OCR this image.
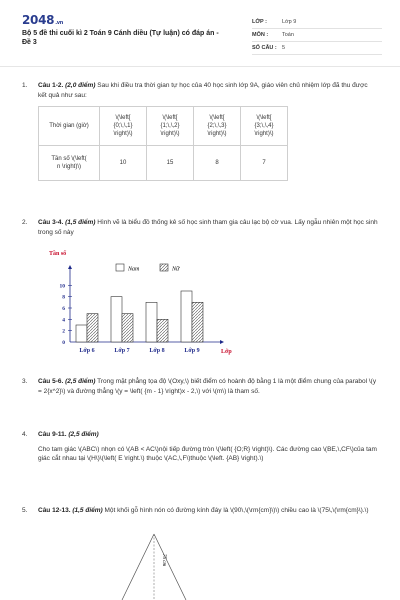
2048.vn
Bộ 5 đề thi cuối kì 2 Toán 9 Cánh diều (Tự luận) có đáp án - Đề 3
LỚP :	Lớp 9
MÔN :	Toán
SỐ CÂU : 5
1.	Câu 1-2. (2,0 điểm) Sau khi điều tra thời gian tự học của 40 học sinh lớp 9A, giáo viên chủ nhiệm lớp đã thu được kết quả như sau:
Thời gian (giờ)	\(\left[ {0;\,\,1} \right)\)	\(\left[ {1;\,\,2} \right)\)	\(\left[ {2;\,\,3} \right)\)	\(\left[ {3;\,\,4} \right)\)
Tần số \(\left( n \right)\)	10	15	8	7
2.	Câu 3-4. (1,5 điểm) Hình vẽ là biểu đồ thống kê số học sinh tham gia câu lạc bộ cờ vua. Lấy ngẫu nhiên một học sinh trong số này
Tần số
Nam	Nữ
0
2
4
6
8
10
Lớp 6	Lớp 7	Lớp 8	Lớp 9	Lớp
3.	Câu 5-6. (2,5 điểm) Trong mặt phẳng tọa độ \(Oxy,\) biết điểm có hoành độ bằng 1 là một điểm chung của parabol \(y = 2{x^2}\) và đường thẳng \(y = \left( {m - 1} \right)x - 2,\) với \(m\) là tham số.
4.	Câu 9-11. (2,5 điểm)
Cho tam giác \(ABC\) nhọn có \(AB < AC\)nội tiếp đường tròn \(\left( {O;R} \right)\). Các đường cao \(BE,\,CF\)của tam giác cắt nhau tại \(H\)\(\left( E \right.\) thuộc \(AC,\,F\)thuộc \(\left. {AB} \right).\)
5.	Câu 12-13. (1,5 điểm) Một khối gỗ hình nón có đường kính đáy là \(90\,\(\rm{cm}\)\) chiều cao là \(75\,\(\rm{cm}\).\)
75 cm
